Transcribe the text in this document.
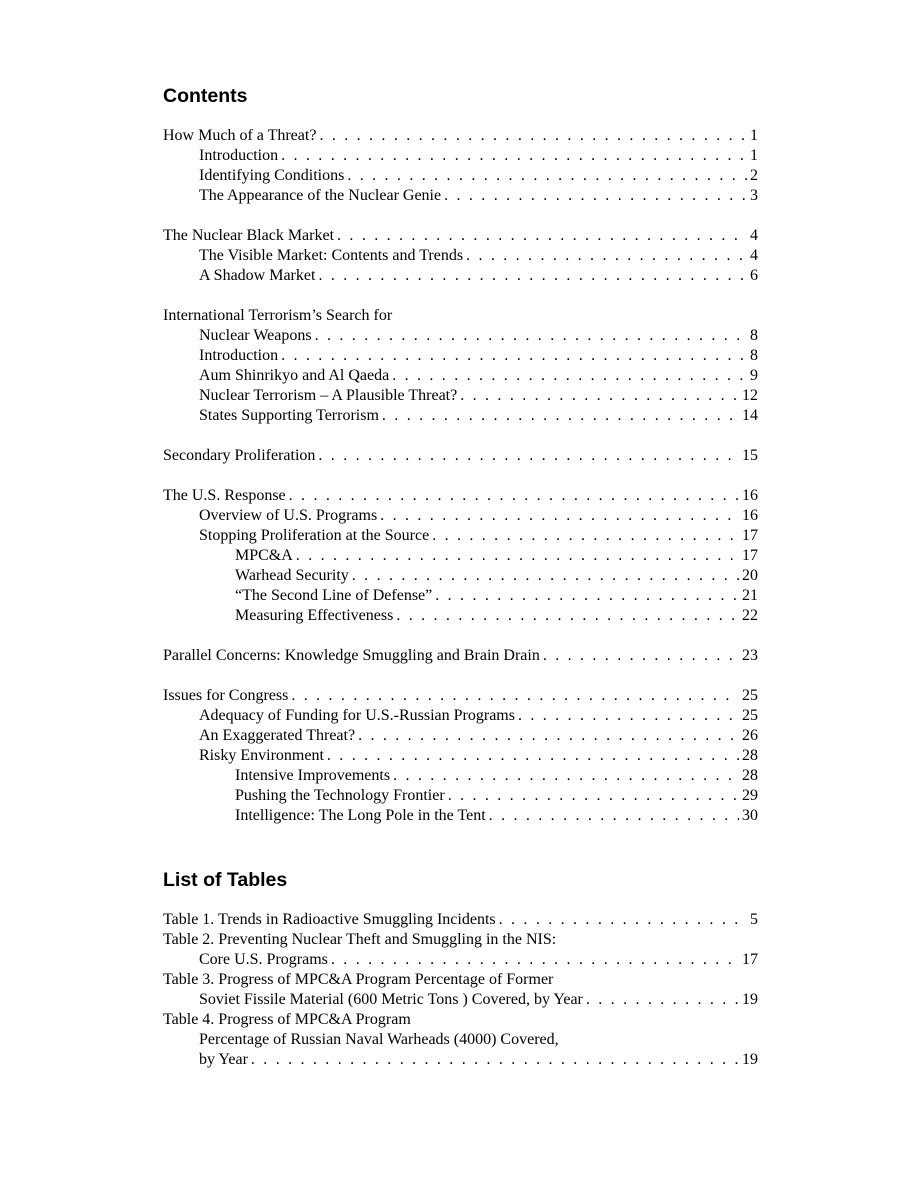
Contents
How Much of a Threat? . . .	1
Introduction . . .	1
Identifying Conditions . . .	2
The Appearance of the Nuclear Genie . . .	3
The Nuclear Black Market . . .	4
The Visible Market: Contents and Trends . . .	4
A Shadow Market . . .	6
International Terrorism’s Search for
Nuclear Weapons . . .	8
Introduction . . .	8
Aum Shinrikyo and Al Qaeda . . .	9
Nuclear Terrorism – A Plausible Threat? . . .	12
States Supporting Terrorism . . .	14
Secondary Proliferation . . .	15
The U.S. Response . . .	16
Overview of U.S. Programs . . .	16
Stopping Proliferation at the Source . . .	17
MPC&A . . .	17
Warhead Security . . .	20
“The Second Line of Defense” . . .	21
Measuring Effectiveness . . .	22
Parallel Concerns: Knowledge Smuggling and Brain Drain . . .	23
Issues for Congress . . .	25
Adequacy of Funding for U.S.-Russian Programs . . .	25
An Exaggerated Threat? . . .	26
Risky Environment . . .	28
Intensive Improvements . . .	28
Pushing the Technology Frontier . . .	29
Intelligence: The Long Pole in the Tent . . .	30
List of Tables
Table 1. Trends in Radioactive Smuggling Incidents . . .	5
Table 2. Preventing Nuclear Theft and Smuggling in the NIS:
Core U.S. Programs . . .	17
Table 3. Progress of MPC&A Program Percentage of Former
Soviet Fissile Material (600 Metric Tons ) Covered, by Year . . .	19
Table 4. Progress of MPC&A Program
Percentage of Russian Naval Warheads (4000) Covered,
by Year . . .	19
